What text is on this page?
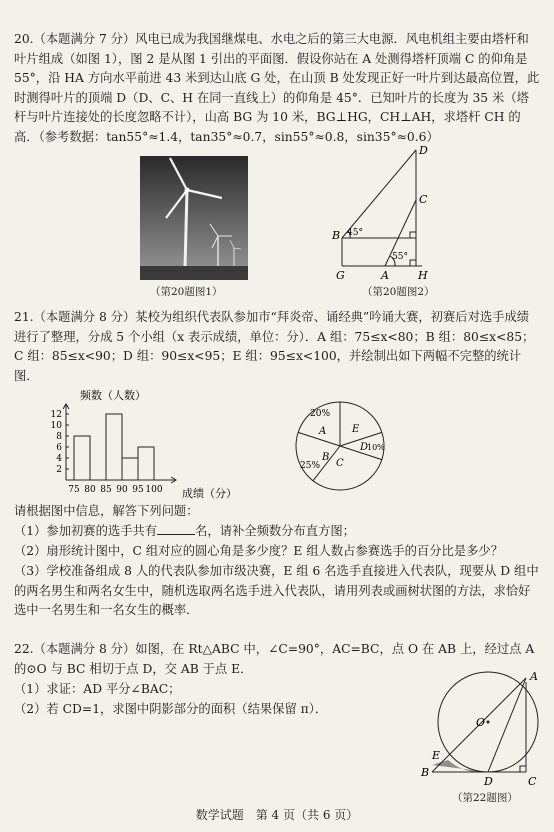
20.（本题满分 7 分）风电已成为我国继煤电、水电之后的第三大电源．风电机组主要由塔杆和叶片组成（如图 1），图 2 是从图 1 引出的平面图．假设你站在 A 处测得塔杆顶端 C 的仰角是 55°，沿 HA 方向水平前进 43 米到达山底 G 处，在山顶 B 处发现正好一叶片到达最高位置，此时测得叶片的顶端 D（D、C、H 在同一直线上）的仰角是 45°．已知叶片的长度为 35 米（塔杆与叶片连接处的长度忽略不计），山高 BG 为 10 米，BG⊥HG，CH⊥AH，求塔杆 CH 的高．（参考数据：tan55°≈1.4，tan35°≈0.7，sin55°≈0.8，sin35°≈0.6）

（第20题图1）
D
C
B
G	A	H
45°
55°
（第20题图2）

21.（本题满分 8 分）某校为组织代表队参加市“拜炎帝、诵经典”吟诵大赛，初赛后对选手成绩进行了整理，分成 5 个小组（x 表示成绩，单位：分）．A 组：75≤x<80；B 组：80≤x<85；C 组：85≤x<90；D 组：90≤x<95；E 组：95≤x<100，并绘制出如下两幅不完整的统计图．

频数（人数）
成绩（分）
2
4
6
8
10
12
75 80 85 90 95 100
20%
A	E
D
10%
B
25% C

请根据图中信息，解答下列问题：

（1）参加初赛的选手共有	名，请补全频数分布直方图；

（2）扇形统计图中，C 组对应的圆心角是多少度？E 组人数占参赛选手的百分比是多少？

（3）学校准备组成 8 人的代表队参加市级决赛，E 组 6 名选手直接进入代表队，现要从 D 组中的两名男生和两名女生中，随机选取两名选手进入代表队，请用列表或画树状图的方法，求恰好选中一名男生和一名女生的概率．

22.（本题满分 8 分）如图，在 Rt△ABC 中，∠C=90°，AC=BC，点 O 在 AB 上，经过点 A 的⊙O 与 BC 相切于点 D，交 AB 于点 E．

（1）求证：AD 平分∠BAC；

（2）若 CD=1，求图中阴影部分的面积（结果保留 π）．

A
O
E
B
D	C
（第22题图）
数学试题　第 4 页（共 6 页）
